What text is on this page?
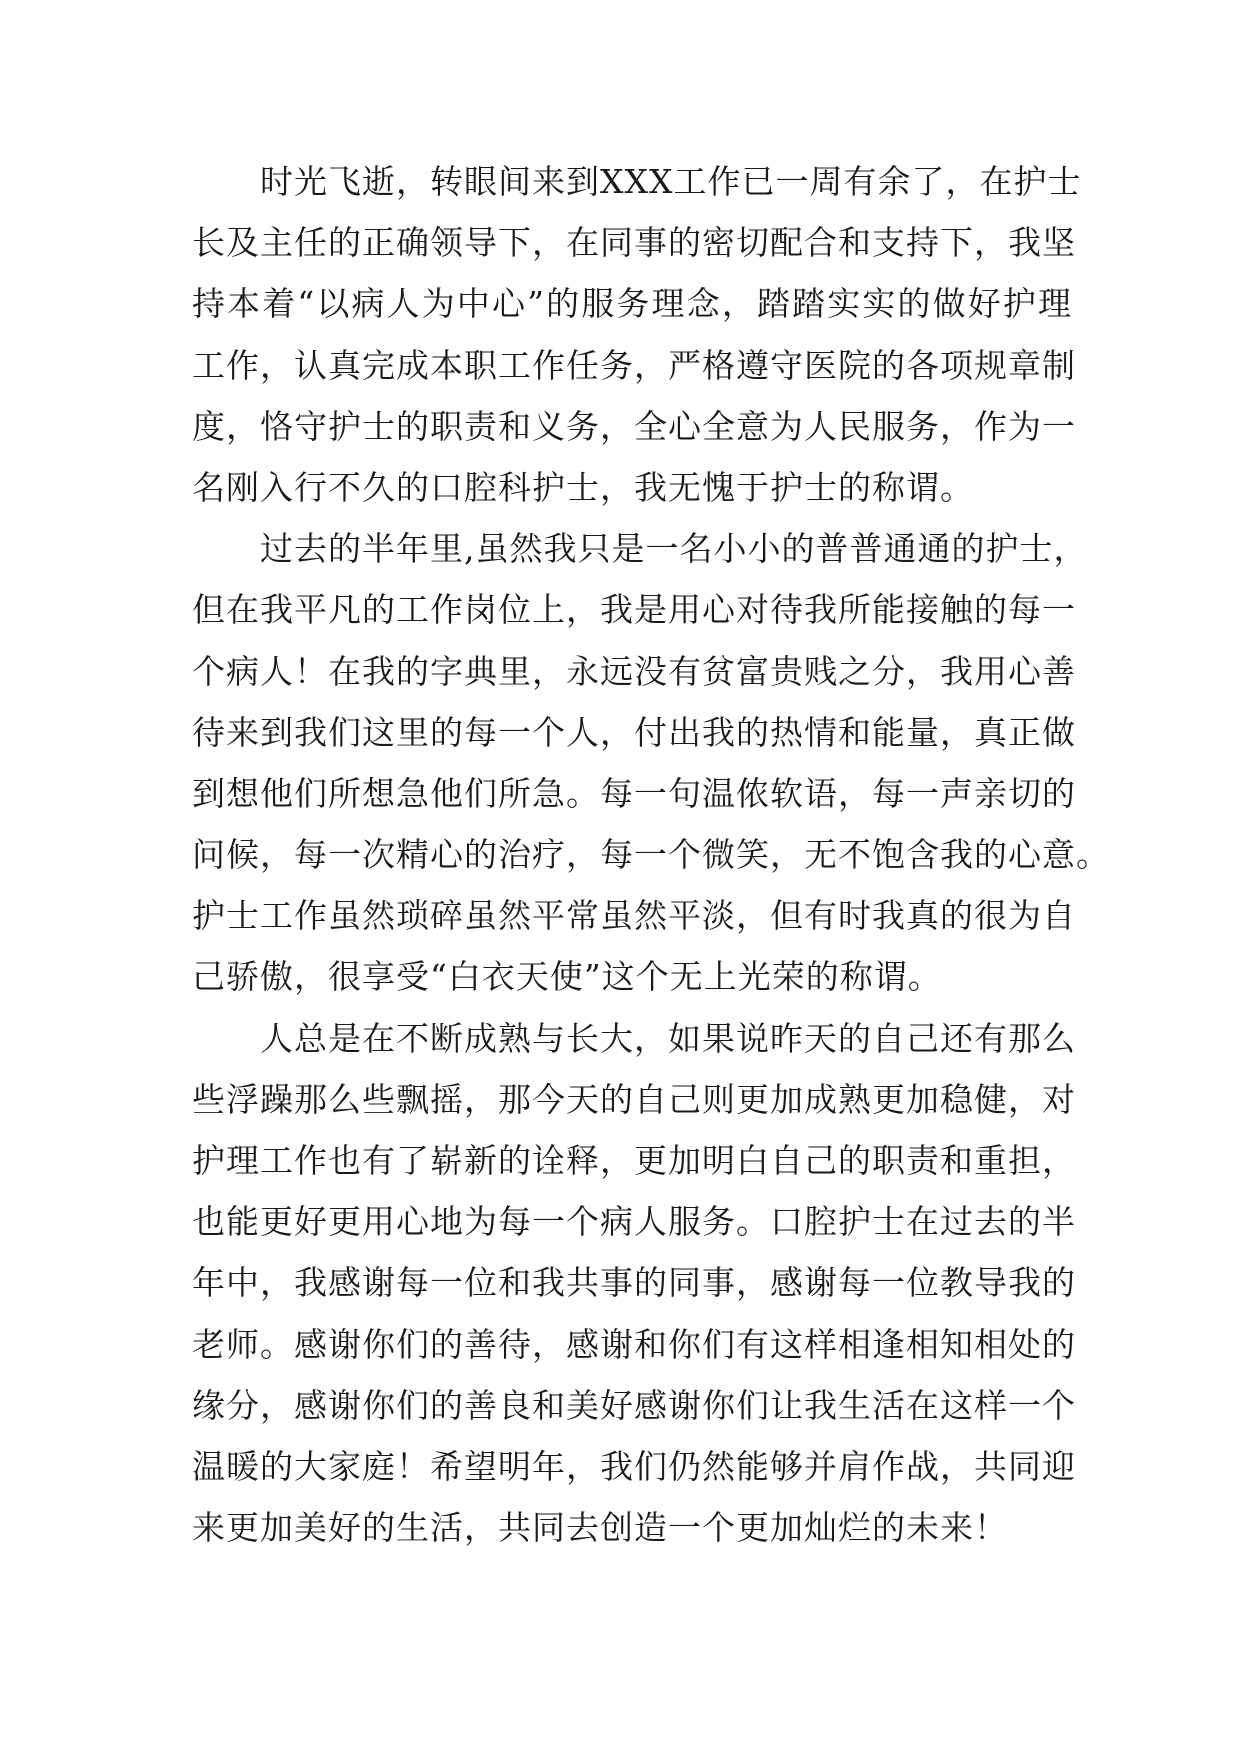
　　时光飞逝，转眼间来到XXX工作已一周有余了，在护士
长及主任的正确领导下，在同事的密切配合和支持下，我坚
持本着“以病人为中心”的服务理念，踏踏实实的做好护理
工作，认真完成本职工作任务，严格遵守医院的各项规章制
度，恪守护士的职责和义务，全心全意为人民服务，作为一
名刚入行不久的口腔科护士，我无愧于护士的称谓。
　　过去的半年里,虽然我只是一名小小的普普通通的护士，
但在我平凡的工作岗位上，我是用心对待我所能接触的每一
个病人！在我的字典里，永远没有贫富贵贱之分，我用心善
待来到我们这里的每一个人，付出我的热情和能量，真正做
到想他们所想急他们所急。每一句温侬软语，每一声亲切的
问候，每一次精心的治疗，每一个微笑，无不饱含我的心意。
护士工作虽然琐碎虽然平常虽然平淡，但有时我真的很为自
己骄傲，很享受“白衣天使”这个无上光荣的称谓。
　　人总是在不断成熟与长大，如果说昨天的自己还有那么
些浮躁那么些飘摇，那今天的自己则更加成熟更加稳健，对
护理工作也有了崭新的诠释，更加明白自己的职责和重担，
也能更好更用心地为每一个病人服务。口腔护士在过去的半
年中，我感谢每一位和我共事的同事，感谢每一位教导我的
老师。感谢你们的善待，感谢和你们有这样相逢相知相处的
缘分，感谢你们的善良和美好感谢你们让我生活在这样一个
温暖的大家庭！希望明年，我们仍然能够并肩作战，共同迎
来更加美好的生活，共同去创造一个更加灿烂的未来！
